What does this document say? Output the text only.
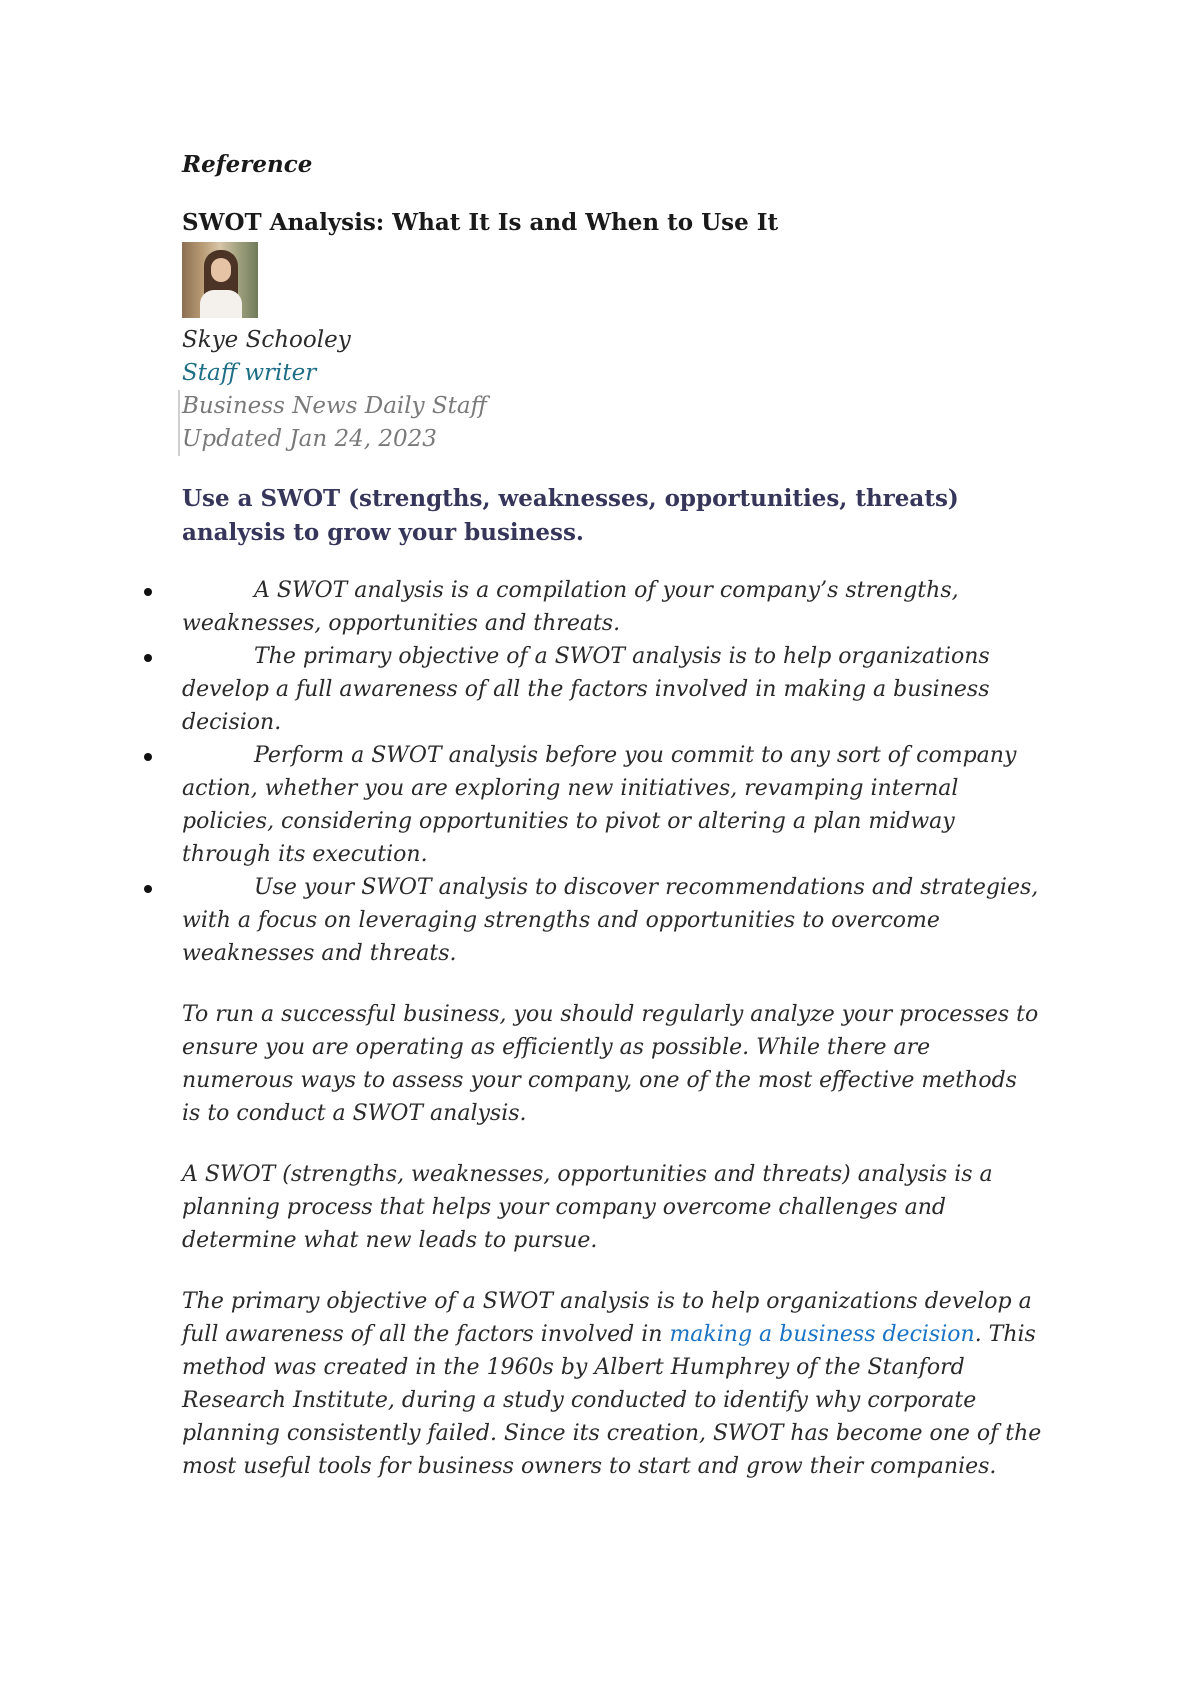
Reference
SWOT Analysis: What It Is and When to Use It
Skye Schooley
Staff writer
Business News Daily Staff
Updated Jan 24, 2023
Use a SWOT (strengths, weaknesses, opportunities, threats) analysis to grow your business.
A SWOT analysis is a compilation of your company’s strengths, weaknesses, opportunities and threats.
The primary objective of a SWOT analysis is to help organizations develop a full awareness of all the factors involved in making a business decision.
Perform a SWOT analysis before you commit to any sort of company action, whether you are exploring new initiatives, revamping internal policies, considering opportunities to pivot or altering a plan midway through its execution.
Use your SWOT analysis to discover recommendations and strategies, with a focus on leveraging strengths and opportunities to overcome weaknesses and threats.

To run a successful business, you should regularly analyze your processes to ensure you are operating as efficiently as possible. While there are numerous ways to assess your company, one of the most effective methods is to conduct a SWOT analysis.

A SWOT (strengths, weaknesses, opportunities and threats) analysis is a planning process that helps your company overcome challenges and determine what new leads to pursue.

The primary objective of a SWOT analysis is to help organizations develop a full awareness of all the factors involved in making a business decision. This method was created in the 1960s by Albert Humphrey of the Stanford Research Institute, during a study conducted to identify why corporate planning consistently failed. Since its creation, SWOT has become one of the most useful tools for business owners to start and grow their companies.
